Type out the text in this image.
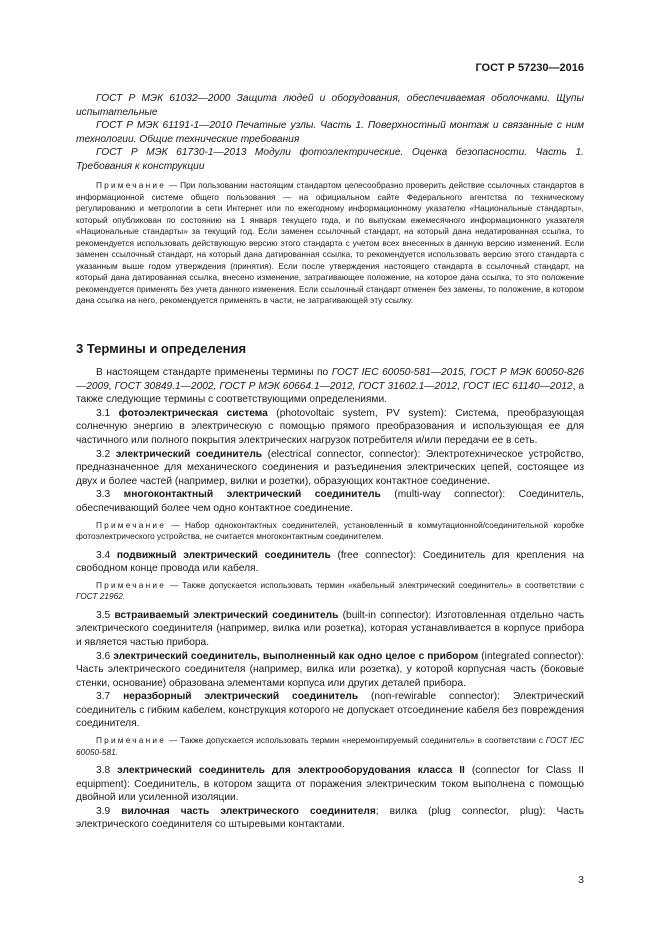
ГОСТ Р 57230—2016

ГОСТ Р МЭК 61032—2000 Защита людей и оборудования, обеспечиваемая оболочками. Щупы испытательные

ГОСТ Р МЭК 61191-1—2010 Печатные узлы. Часть 1. Поверхностный монтаж и связанные с ним технологии. Общие технические требования

ГОСТ Р МЭК 61730-1—2013 Модули фотоэлектрические. Оценка безопасности. Часть 1. Требования к конструкции

Примечание — При пользовании настоящим стандартом целесообразно проверить действие ссылочных стандартов в информационной системе общего пользования — на официальном сайте Федерального агентства по техническому регулированию и метрологии в сети Интернет или по ежегодному информационному указателю «Национальные стандарты», который опубликован по состоянию на 1 января текущего года, и по выпускам ежемесячного информационного указателя «Национальные стандарты» за текущий год. Если заменен ссылочный стандарт, на который дана недатированная ссылка, то рекомендуется использовать действующую версию этого стандарта с учетом всех внесенных в данную версию изменений. Если заменен ссылочный стандарт, на который дана датированная ссылка, то рекомендуется использовать версию этого стандарта с указанным выше годом утверждения (принятия). Если после утверждения настоящего стандарта в ссылочный стандарт, на который дана датированная ссылка, внесено изменение, затрагивающее положение, на которое дана ссылка, то это положение рекомендуется применять без учета данного изменения. Если ссылочный стандарт отменен без замены, то положение, в котором дана ссылка на него, рекомендуется применять в части, не затрагивающей эту ссылку.

3 Термины и определения

В настоящем стандарте применены термины по ГОСТ IEC 60050-581—2015, ГОСТ Р МЭК 60050-826—2009, ГОСТ 30849.1—2002, ГОСТ Р МЭК 60664.1—2012, ГОСТ 31602.1—2012, ГОСТ IEC 61140—2012, а также следующие термины с соответствующими определениями.

3.1 фотоэлектрическая система (photovoltaic system, PV system): Система, преобразующая солнечную энергию в электрическую с помощью прямого преобразования и использующая ее для частичного или полного покрытия электрических нагрузок потребителя и/или передачи ее в сеть.

3.2 электрический соединитель (electrical connector, connector): Электротехническое устройство, предназначенное для механического соединения и разъединения электрических цепей, состоящее из двух и более частей (например, вилки и розетки), образующих контактное соединение.

3.3 многоконтактный электрический соединитель (multi-way connector): Соединитель, обеспечивающий более чем одно контактное соединение.

Примечание — Набор одноконтактных соединителей, установленный в коммутационной/соединительной коробке фотоэлектрического устройства, не считается многоконтактным соединителем.

3.4 подвижный электрический соединитель (free connector): Соединитель для крепления на свободном конце провода или кабеля.

Примечание — Также допускается использовать термин «кабельный электрический соединитель» в соответствии с ГОСТ 21962.

3.5 встраиваемый электрический соединитель (built-in connector): Изготовленная отдельно часть электрического соединителя (например, вилка или розетка), которая устанавливается в корпусе прибора и является частью прибора.

3.6 электрический соединитель, выполненный как одно целое с прибором (integrated connector): Часть электрического соединителя (например, вилка или розетка), у которой корпусная часть (боковые стенки, основание) образована элементами корпуса или других деталей прибора.

3.7 неразборный электрический соединитель (non-rewirable connector): Электрический соединитель с гибким кабелем, конструкция которого не допускает отсоединение кабеля без повреждения соединителя.

Примечание — Также допускается использовать термин «неремонтируемый соединитель» в соответствии с ГОСТ IEC 60050-581.

3.8 электрический соединитель для электрооборудования класса II (connector for Class II equipment): Соединитель, в котором защита от поражения электрическим током выполнена с помощью двойной или усиленной изоляции.

3.9 вилочная часть электрического соединителя; вилка (plug connector, plug): Часть электрического соединителя со штыревыми контактами.

3
